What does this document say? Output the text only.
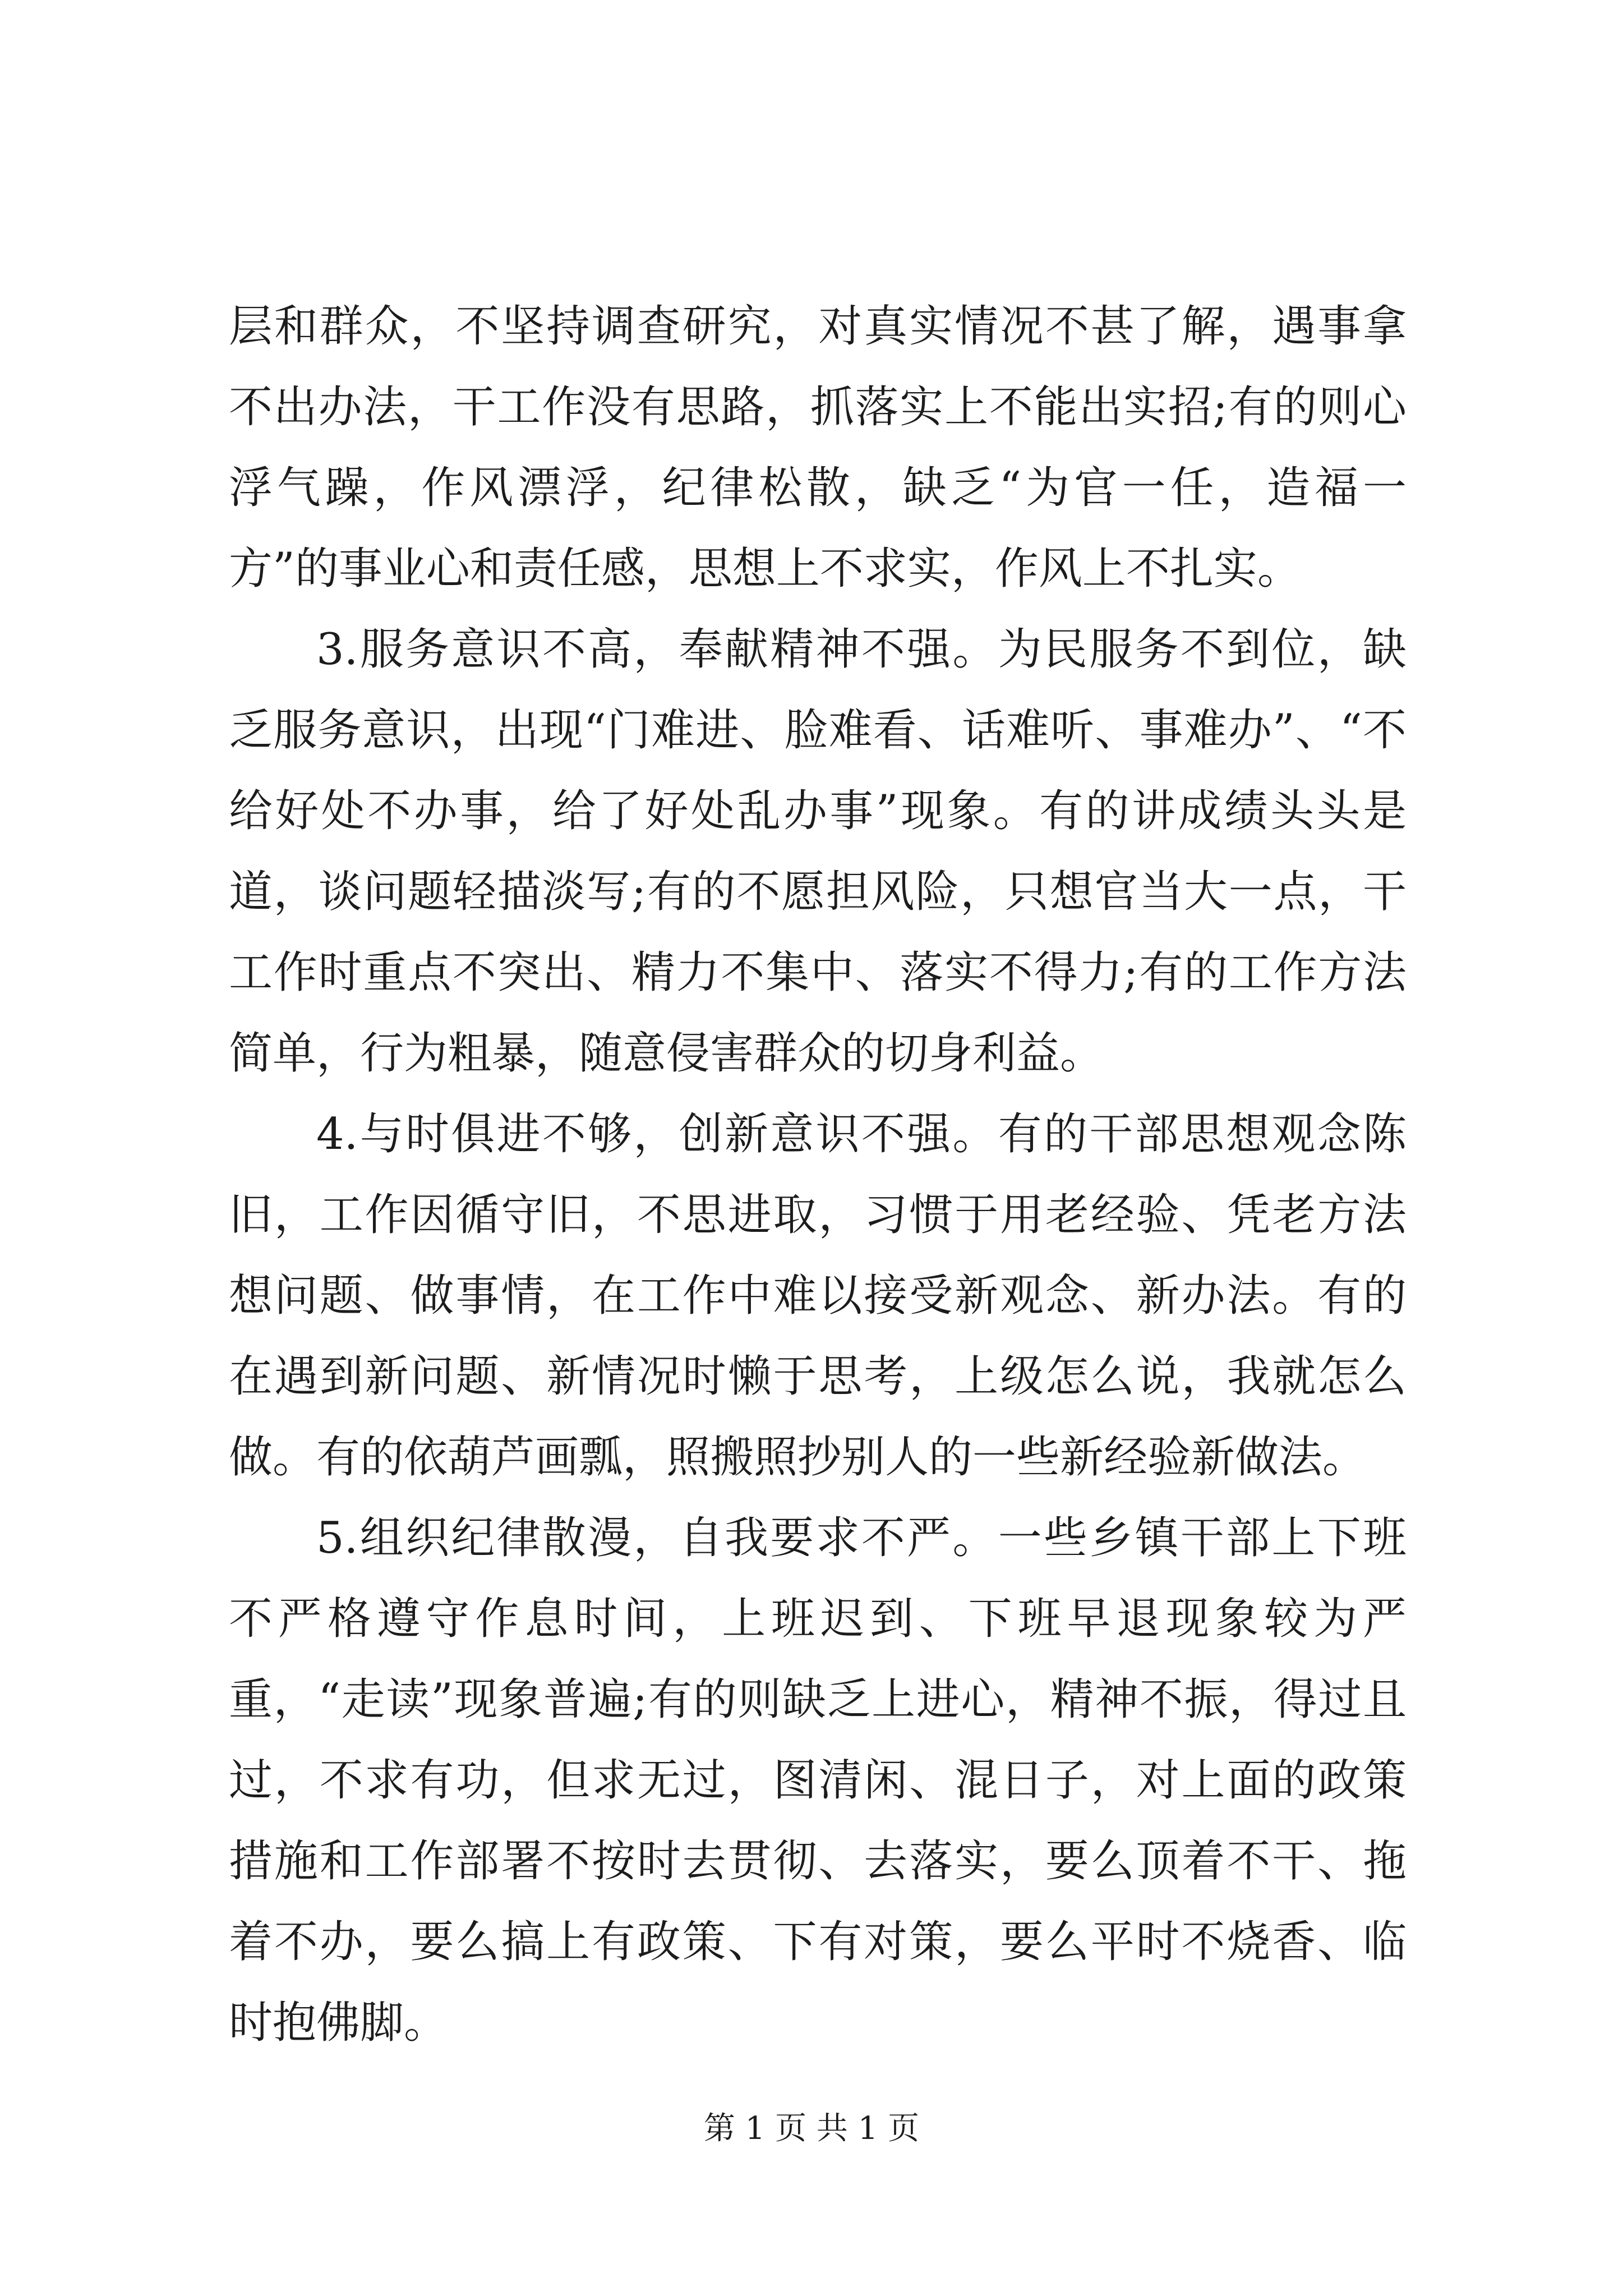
层和群众，不坚持调查研究，对真实情况不甚了解，遇事拿不出办法，干工作没有思路，抓落实上不能出实招;有的则心浮气躁，作风漂浮，纪律松散，缺乏“为官一任，造福一方”的事业心和责任感，思想上不求实，作风上不扎实。

3.服务意识不高，奉献精神不强。为民服务不到位，缺乏服务意识，出现“门难进、脸难看、话难听、事难办”、“不给好处不办事，给了好处乱办事”现象。有的讲成绩头头是道，谈问题轻描淡写;有的不愿担风险，只想官当大一点，干工作时重点不突出、精力不集中、落实不得力;有的工作方法简单，行为粗暴，随意侵害群众的切身利益。

4.与时俱进不够，创新意识不强。有的干部思想观念陈旧，工作因循守旧，不思进取，习惯于用老经验、凭老方法想问题、做事情，在工作中难以接受新观念、新办法。有的在遇到新问题、新情况时懒于思考，上级怎么说，我就怎么做。有的依葫芦画瓢，照搬照抄别人的一些新经验新做法。

5.组织纪律散漫，自我要求不严。一些乡镇干部上下班不严格遵守作息时间，上班迟到、下班早退现象较为严重，“走读”现象普遍;有的则缺乏上进心，精神不振，得过且过，不求有功，但求无过，图清闲、混日子，对上面的政策措施和工作部署不按时去贯彻、去落实，要么顶着不干、拖着不办，要么搞上有政策、下有对策，要么平时不烧香、临时抱佛脚。

第 1 页 共 1 页
